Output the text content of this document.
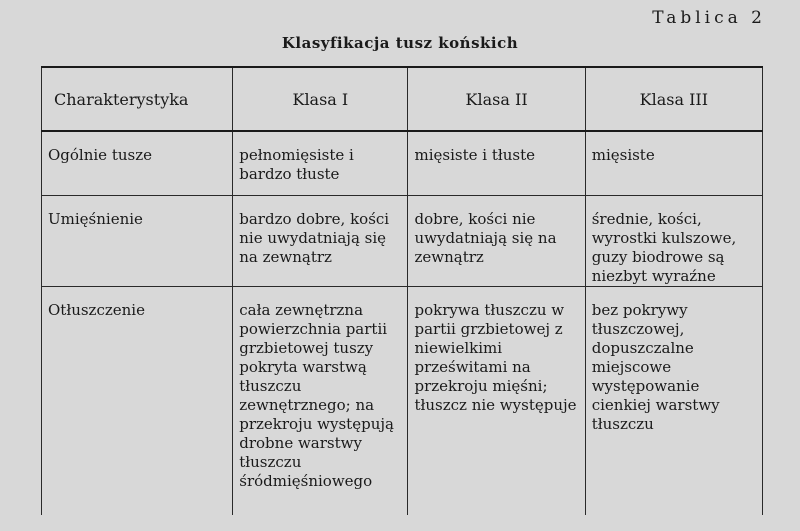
Tablica 2
Klasyfikacja tusz końskich
Charakterystyka	Klasa I	Klasa II	Klasa III
Ogólnie tusze	pełnomięsiste i bardzo tłuste	mięsiste i tłuste	mięsiste
Umięśnienie	bardzo dobre, kości nie uwydatniają się na zewnątrz	dobre, kości nie uwydatniają się na zewnątrz	średnie, kości, wyrostki kulszowe, guzy biodrowe są niezbyt wyraźne
Otłuszczenie	cała zewnętrzna powierzchnia partii grzbietowej tuszy pokryta warstwą tłuszczu zewnętrznego; na przekroju występują drobne warstwy tłuszczu śródmięśniowego	pokrywa tłuszczu w partii grzbietowej z niewielkimi prześwitami na przekroju mięśni; tłuszcz nie występuje	bez pokrywy tłuszczowej, dopuszczalne miejscowe występowanie cienkiej warstwy tłuszczu
